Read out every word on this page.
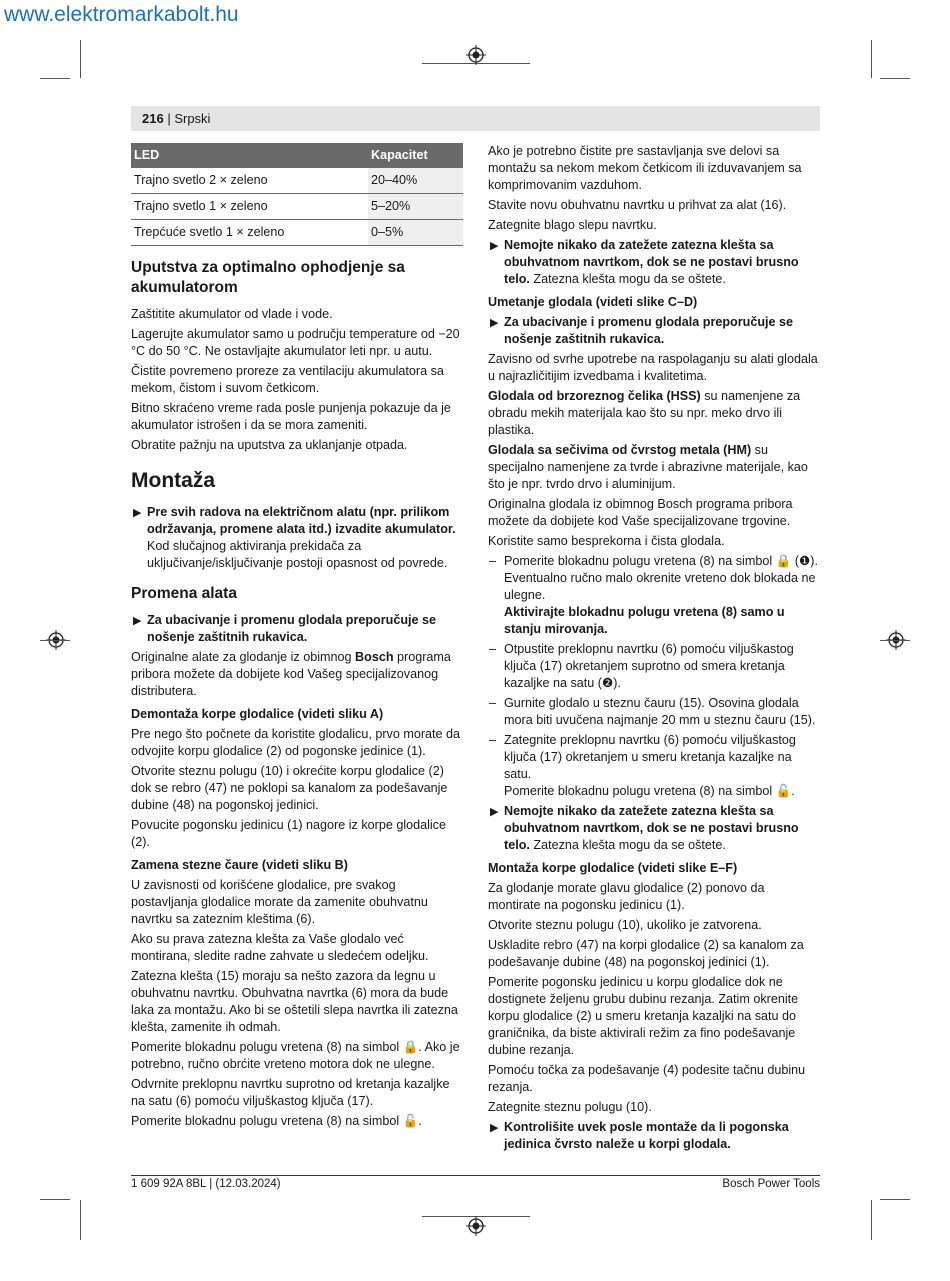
www.elektromarkabolt.hu
216 | Srpski
LED	Kapacitet
Trajno svetlo 2 × zeleno	20–40%
Trajno svetlo 1 × zeleno	5–20%
Trepćuće svetlo 1 × zeleno	0–5%
Uputstva za optimalno ophodjenje sa akumulatorom

Zaštitite akumulator od vlade i vode.

Lagerujte akumulator samo u području temperature od −20 °C do 50 °C. Ne ostavljajte akumulator leti npr. u autu.

Čistite povremeno proreze za ventilaciju akumulatora sa mekom, čistom i suvom četkicom.

Bitno skraćeno vreme rada posle punjenja pokazuje da je akumulator istrošen i da se mora zameniti.

Obratite pažnju na uputstva za uklanjanje otpada.

Montaža
▶ Pre svih radova na električnom alatu (npr. prilikom održavanja, promene alata itd.) izvadite akumulator. Kod slučajnog aktiviranja prekidača za uključivanje/isključivanje postoji opasnost od povrede.
Promena alata
▶ Za ubacivanje i promenu glodala preporučuje se nošenje zaštitnih rukavica.

Originalne alate za glodanje iz obimnog Bosch programa pribora možete da dobijete kod Vašeg specijalizovanog distributera.

Demontaža korpe glodalice (videti sliku A)

Pre nego što počnete da koristite glodalicu, prvo morate da odvojite korpu glodalice (2) od pogonske jedinice (1).

Otvorite steznu polugu (10) i okrećite korpu glodalice (2) dok se rebro (47) ne poklopi sa kanalom za podešavanje dubine (48) na pogonskoj jedinici.

Povucite pogonsku jedinicu (1) nagore iz korpe glodalice (2).

Zamena stezne čaure (videti sliku B)

U zavisnosti od korišćene glodalice, pre svakog postavljanja glodalice morate da zamenite obuhvatnu navrtku sa zateznim kleštima (6).

Ako su prava zatezna klešta za Vaše glodalo već montirana, sledite radne zahvate u sledećem odeljku.

Zatezna klešta (15) moraju sa nešto zazora da legnu u obuhvatnu navrtku. Obuhvatna navrtka (6) mora da bude laka za montažu. Ako bi se oštetili slepa navrtka ili zatezna klešta, zamenite ih odmah.

Pomerite blokadnu polugu vretena (8) na simbol 🔒. Ako je potrebno, ručno obrćite vreteno motora dok ne ulegne.

Odvrnite preklopnu navrtku suprotno od kretanja kazaljke na satu (6) pomoću viljuškastog ključa (17).

Pomerite blokadnu polugu vretena (8) na simbol 🔓.

Ako je potrebno čistite pre sastavljanja sve delovi sa montažu sa nekom mekom četkicom ili izduvavanjem sa komprimovanim vazduhom.

Stavite novu obuhvatnu navrtku u prihvat za alat (16).

Zategnite blago slepu navrtku.

▶ Nemojte nikako da zatežete zatezna klešta sa obuhvatnom navrtkom, dok se ne postavi brusno telo. Zatezna klešta mogu da se oštete.
Umetanje glodala (videti slike C–D)
▶ Za ubacivanje i promenu glodala preporučuje se nošenje zaštitnih rukavica.

Zavisno od svrhe upotrebe na raspolaganju su alati glodala u najrazličitijim izvedbama i kvalitetima.

Glodala od brzoreznog čelika (HSS) su namenjene za obradu mekih materijala kao što su npr. meko drvo ili plastika.

Glodala sa sečivima od čvrstog metala (HM) su specijalno namenjene za tvrde i abrazivne materijale, kao što je npr. tvrdo drvo i aluminijum.

Originalna glodala iz obimnog Bosch programa pribora možete da dobijete kod Vaše specijalizovane trgovine.

Koristite samo besprekorna i čista glodala.

– Pomerite blokadnu polugu vretena (8) na simbol 🔒 (❶). Eventualno ručno malo okrenite vreteno dok blokada ne ulegne.
Aktivirajte blokadnu polugu vretena (8) samo u stanju mirovanja.
– Otpustite preklopnu navrtku (6) pomoću viljuškastog ključa (17) okretanjem suprotno od smera kretanja kazaljke na satu (❷).
– Gurnite glodalo u steznu čauru (15). Osovina glodala mora biti uvučena najmanje 20 mm u steznu čauru (15).
– Zategnite preklopnu navrtku (6) pomoću viljuškastog ključa (17) okretanjem u smeru kretanja kazaljke na satu.
Pomerite blokadnu polugu vretena (8) na simbol 🔓.
▶ Nemojte nikako da zatežete zatezna klešta sa obuhvatnom navrtkom, dok se ne postavi brusno telo. Zatezna klešta mogu da se oštete.
Montaža korpe glodalice (videti slike E–F)

Za glodanje morate glavu glodalice (2) ponovo da montirate na pogonsku jedinicu (1).

Otvorite steznu polugu (10), ukoliko je zatvorena.

Uskladite rebro (47) na korpi glodalice (2) sa kanalom za podešavanje dubine (48) na pogonskoj jedinici (1).

Pomerite pogonsku jedinicu u korpu glodalice dok ne dostignete željenu grubu dubinu rezanja. Zatim okrenite korpu glodalice (2) u smeru kretanja kazaljki na satu do graničnika, da biste aktivirali režim za fino podešavanje dubine rezanja.

Pomoću točka za podešavanje (4) podesite tačnu dubinu rezanja.

Zategnite steznu polugu (10).

▶ Kontrolišite uvek posle montaže da li pogonska jedinica čvrsto naleže u korpi glodala.
1 609 92A 8BL | (12.03.2024)	Bosch Power Tools
